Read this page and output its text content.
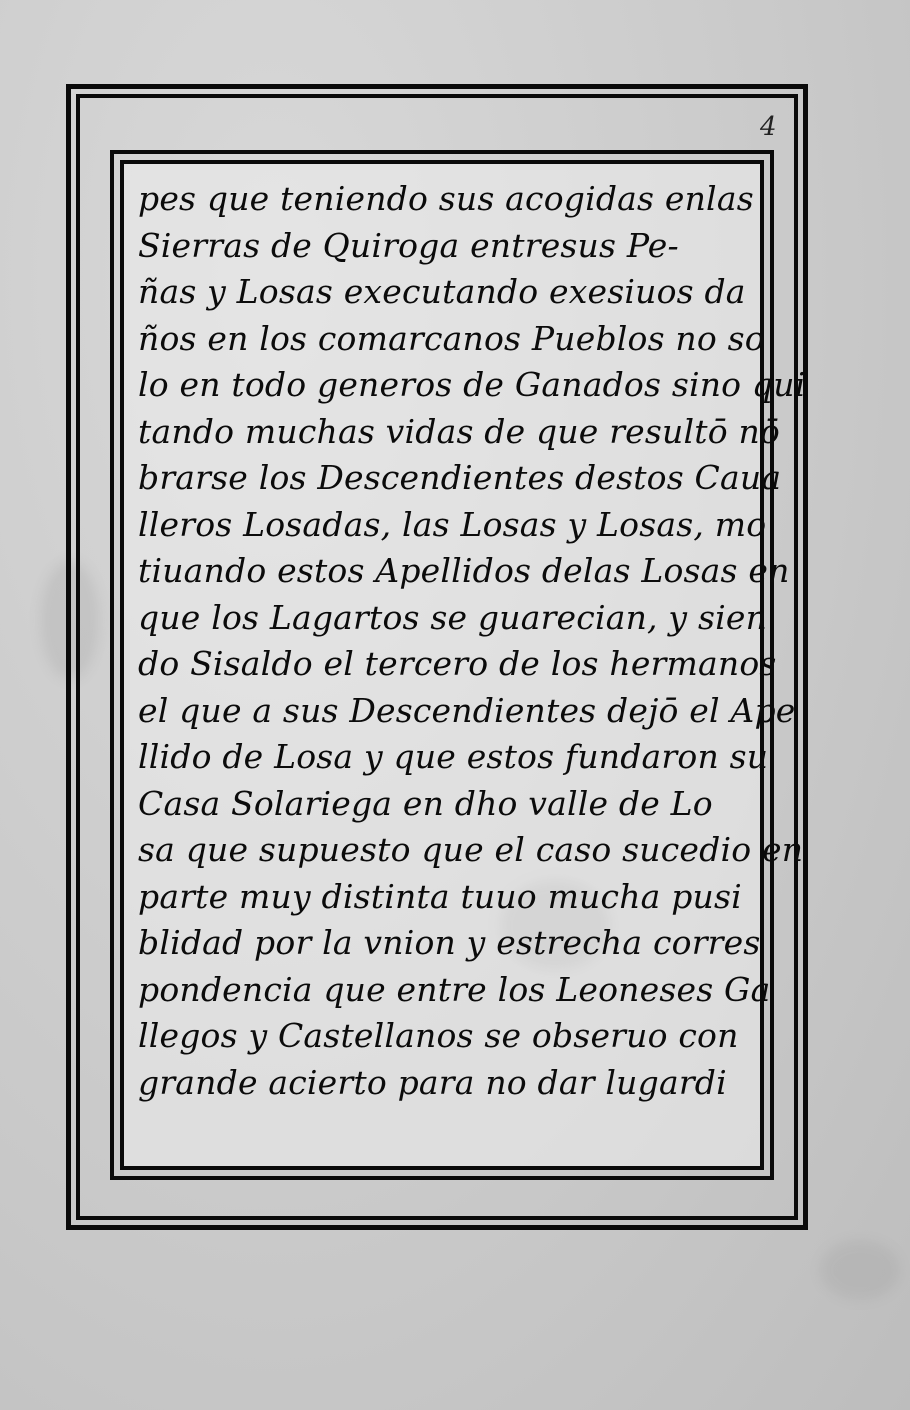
4
pes que teniendo sus acogidas enlas
Sierras de Quiroga entresus Pe-
ñas y Losas executando exesiuos da
ños en los comarcanos Pueblos no so
lo en todo generos de Ganados sino qui
tando muchas vidas de que resultō nō
brarse los Descendientes destos Caua
lleros Losadas, las Losas y Losas, mo
tiuando estos Apellidos delas Losas en
que los Lagartos se guarecian, y sien
do Sisaldo el tercero de los hermanos
el que a sus Descendientes dejō el Ape
llido de Losa y que estos fundaron su
Casa Solariega en dho valle de Lo
sa que supuesto que el caso sucedio en
parte muy distinta tuuo mucha pusi
blidad por la vnion y estrecha corres
pondencia que entre los Leoneses Ga
llegos y Castellanos se obseruo con
grande acierto para no dar lugardi
